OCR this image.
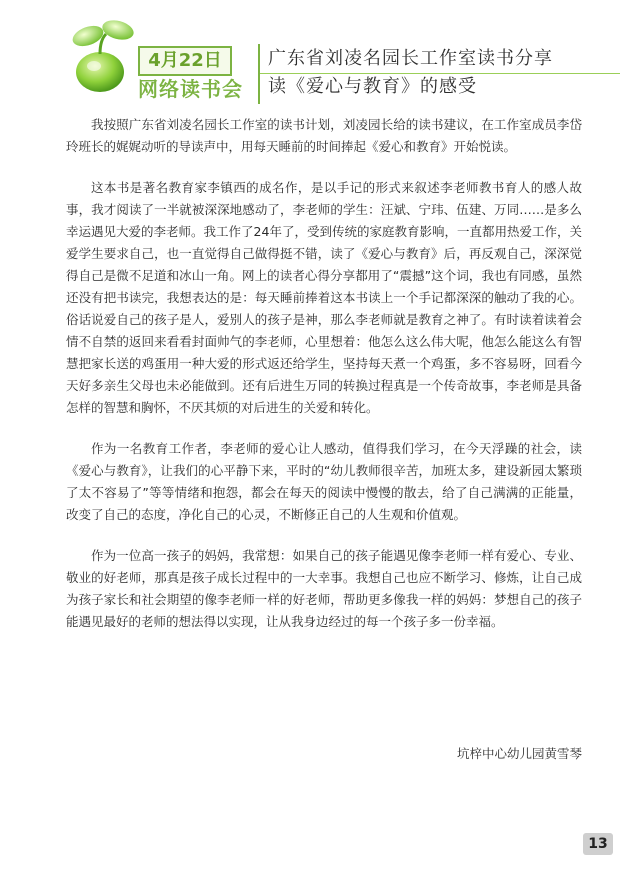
4月22日
网络读书会
广东省刘凌名园长工作室读书分享
读《爱心与教育》的感受

我按照广东省刘凌名园长工作室的读书计划，刘凌园长给的读书建议，在工作室成员李岱玲班长的娓娓动听的导读声中，用每天睡前的时间捧起《爱心和教育》开始悦读。

这本书是著名教育家李镇西的成名作，是以手记的形式来叙述李老师教书育人的感人故事，我才阅读了一半就被深深地感动了，李老师的学生：汪斌、宁玮、伍建、万同……是多么幸运遇见大爱的李老师。我工作了24年了，受到传统的家庭教育影响，一直都用热爱工作，关爱学生要求自己，也一直觉得自己做得挺不错，读了《爱心与教育》后，再反观自己，深深觉得自己是微不足道和冰山一角。网上的读者心得分享都用了“震撼”这个词，我也有同感，虽然还没有把书读完，我想表达的是：每天睡前捧着这本书读上一个手记都深深的触动了我的心。俗话说爱自己的孩子是人，爱别人的孩子是神，那么李老师就是教育之神了。有时读着读着会情不自禁的返回来看看封面帅气的李老师，心里想着：他怎么这么伟大呢，他怎么能这么有智慧把家长送的鸡蛋用一种大爱的形式返还给学生，坚持每天煮一个鸡蛋，多不容易呀，回看今天好多亲生父母也未必能做到。还有后进生万同的转换过程真是一个传奇故事，李老师是具备怎样的智慧和胸怀，不厌其烦的对后进生的关爱和转化。

作为一名教育工作者，李老师的爱心让人感动，值得我们学习，在今天浮躁的社会，读《爱心与教育》，让我们的心平静下来，平时的“幼儿教师很辛苦，加班太多，建设新园太繁琐了太不容易了”等等情绪和抱怨，都会在每天的阅读中慢慢的散去，给了自己满满的正能量，改变了自己的态度，净化自己的心灵，不断修正自己的人生观和价值观。

作为一位高一孩子的妈妈，我常想：如果自己的孩子能遇见像李老师一样有爱心、专业、敬业的好老师，那真是孩子成长过程中的一大幸事。我想自己也应不断学习、修炼，让自己成为孩子家长和社会期望的像李老师一样的好老师，帮助更多像我一样的妈妈：梦想自己的孩子能遇见最好的老师的想法得以实现，让从我身边经过的每一个孩子多一份幸福。

坑梓中心幼儿园黄雪琴
13
